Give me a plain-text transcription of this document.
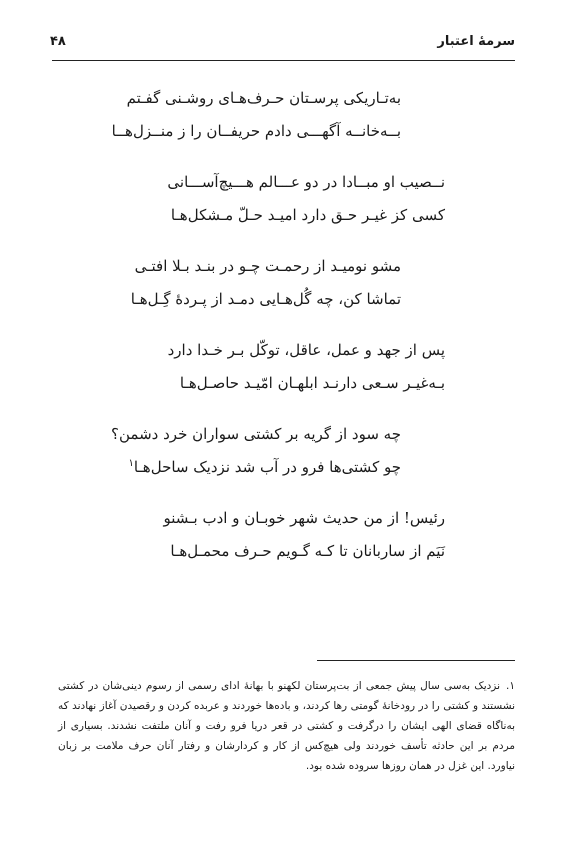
سرمهٔ اعتبار
۴۸
به‌تـاریکی پرسـتان حـرف‌هـای روشـنی گفـتم
بــه‌خانــه آگهـــی دادم حریفــان را ز منــزل‌هــا
نــصیب او مبــادا در دو عـــالم هـــیچ‌آســـانی
کسی کز غیـر حـق دارد امیـد حـلّ مـشکل‌هـا
مشو نومیـد از رحمـت چـو در بنـد بـلا افتـی
تماشا کن، چه گُل‌هـایی دمـد از پـردهٔ گِـل‌هـا
پس از جهد و عمل، عاقل، توکّل بـر خـدا دارد
بـه‌غیـر سـعی دارنـد ابلهـان امّیـد حاصـل‌هـا
چه سود از گریه بر کشتی سواران خرد دشمن؟
چو کشتی‌ها فرو در آب شد نزدیک ساحل‌هـا$^۱$
رئیس! از من حدیث شهر خوبـان و ادب بـشنو
نَیَم از ساربانان تا کـه گـویم حـرف محمـل‌هـا
۱.نزدیک به‌سی سال پیش جمعی از بت‌پرستان لکهنو با بهانهٔ ادای رسمی از رسوم دینی‌شان در کشتی نشستند و کشتی را در رودخانهٔ گومتی رها کردند، و باده‌ها خوردند و عربده کردن و رقصیدن آغاز نهادند که به‌ناگاه قضای الهی ایشان را درگرفت و کشتی در قعر دریا فرو رفت و آنان ملتفت نشدند. بسیاری از مردم بر این حادثه تأسف خوردند ولی هیچ‌کس از کار و کردارشان و رفتار آنان حرف ملامت بر زبان نیاورد. این غزل در همان روزها سروده شده بود.
